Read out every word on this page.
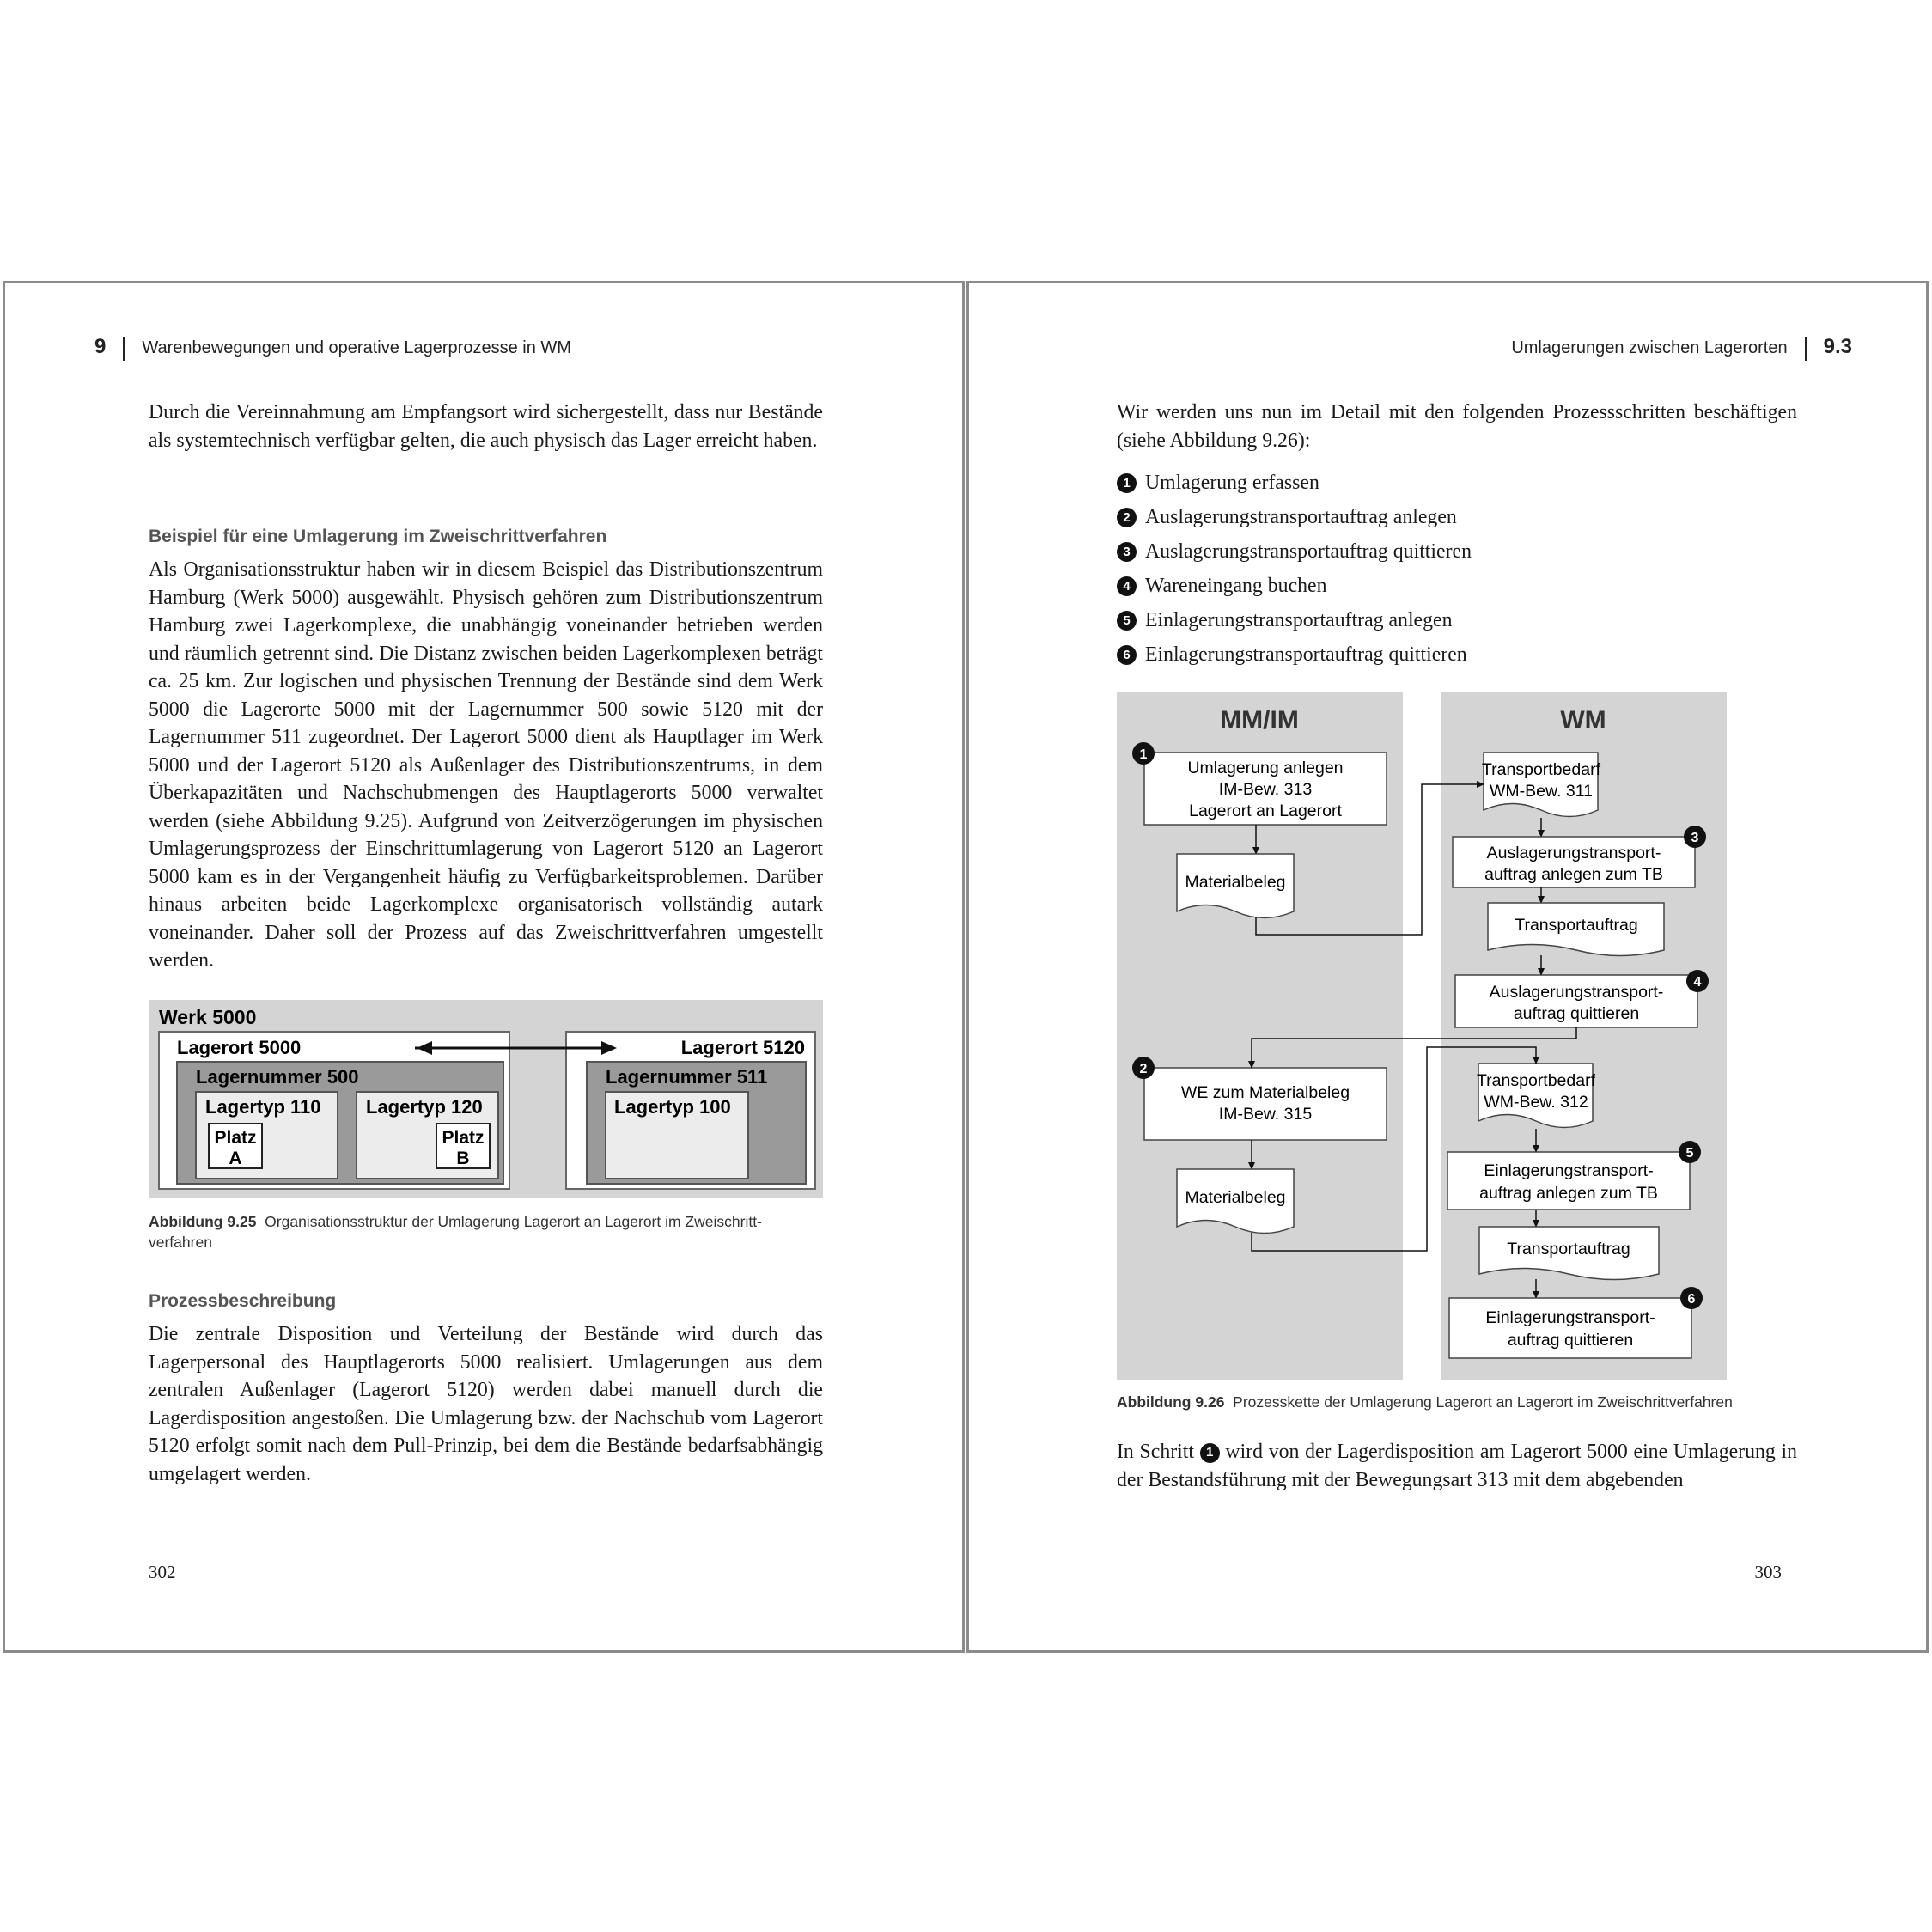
9 Warenbewegungen und operative Lagerprozesse in WM

Durch die Vereinnahmung am Empfangsort wird sichergestellt, dass nur Bestände als systemtechnisch verfügbar gelten, die auch physisch das Lager erreicht haben.

Beispiel für eine Umlagerung im Zweischrittverfahren

Als Organisationsstruktur haben wir in diesem Beispiel das Distributionszentrum Hamburg (Werk 5000) ausgewählt. Physisch gehören zum Distributionszentrum Hamburg zwei Lagerkomplexe, die unabhängig voneinander betrieben werden und räumlich getrennt sind. Die Distanz zwischen beiden Lagerkomplexen beträgt ca. 25 km. Zur logischen und physischen Trennung der Bestände sind dem Werk 5000 die Lagerorte 5000 mit der Lagernummer 500 sowie 5120 mit der Lagernummer 511 zugeordnet. Der Lagerort 5000 dient als Hauptlager im Werk 5000 und der Lagerort 5120 als Außenlager des Distributionszentrums, in dem Überkapazitäten und Nachschubmengen des Hauptlagerorts 5000 verwaltet werden (siehe Abbildung 9.25). Aufgrund von Zeitverzögerungen im physischen Umlagerungsprozess der Einschrittumlagerung von Lagerort 5120 an Lagerort 5000 kam es in der Vergangenheit häufig zu Verfügbarkeitsproblemen. Darüber hinaus arbeiten beide Lagerkomplexe organisatorisch vollständig autark voneinander. Daher soll der Prozess auf das Zweischrittverfahren umgestellt werden.

Werk 5000
Lagerort 5000
Lagernummer 500
Lagertyp 110
Platz
A
Lagertyp 120
Platz
B
Lagerort 5120
Lagernummer 511
Lagertyp 100
Abbildung 9.25 Organisationsstruktur der Umlagerung Lagerort an Lagerort im Zweischritt-verfahren
Prozessbeschreibung

Die zentrale Disposition und Verteilung der Bestände wird durch das Lagerpersonal des Hauptlagerorts 5000 realisiert. Umlagerungen aus dem zentralen Außenlager (Lagerort 5120) werden dabei manuell durch die Lagerdisposition angestoßen. Die Umlagerung bzw. der Nachschub vom Lagerort 5120 erfolgt somit nach dem Pull-Prinzip, bei dem die Bestände bedarfsabhängig umgelagert werden.

302
Umlagerungen zwischen Lagerorten 9.3

Wir werden uns nun im Detail mit den folgenden Prozessschritten beschäftigen (siehe Abbildung 9.26):

1 Umlagerung erfassen
2 Auslagerungstransportauftrag anlegen
3 Auslagerungstransportauftrag quittieren
4 Wareneingang buchen
5 Einlagerungstransportauftrag anlegen
6 Einlagerungstransportauftrag quittieren
MM/IM	WM
Umlagerung anlegen
IM-Bew. 313
Lagerort an Lagerort
Materialbeleg
WE zum Materialbeleg
IM-Bew. 315
Materialbeleg
Transportbedarf
WM-Bew. 311
Auslagerungstransport-
auftrag anlegen zum TB
Transportauftrag
Auslagerungstransport-
auftrag quittieren
Transportbedarf
WM-Bew. 312
Einlagerungstransport-
auftrag anlegen zum TB
Transportauftrag
Einlagerungstransport-
auftrag quittieren
1
2
3
4
5
6
Abbildung 9.26 Prozesskette der Umlagerung Lagerort an Lagerort im Zweischrittverfahren

In Schritt 1 wird von der Lagerdisposition am Lagerort 5000 eine Umlagerung in der Bestandsführung mit der Bewegungsart 313 mit dem abgebenden

303
